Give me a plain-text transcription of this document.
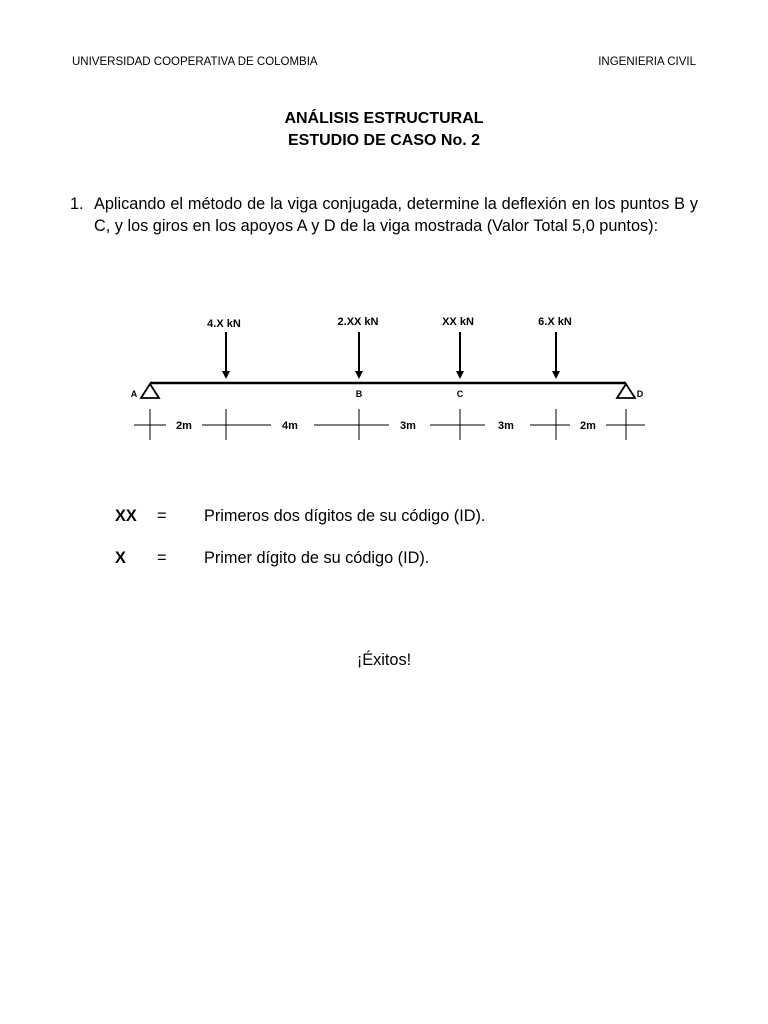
UNIVERSIDAD COOPERATIVA DE COLOMBIA	INGENIERIA CIVIL
ANÁLISIS ESTRUCTURAL
ESTUDIO DE CASO No. 2
1. Aplicando el método de la viga conjugada, determine la deflexión en los puntos B y C, y los giros en los apoyos A y D de la viga mostrada (Valor Total 5,0 puntos):
4.X kN	2.XX kN	XX kN	6.X kN
A	B	C	D
2m	4m	3m	3m	2m
XX	=	Primeros dos dígitos de su código (ID).
X	=	Primer dígito de su código (ID).
¡Éxitos!
